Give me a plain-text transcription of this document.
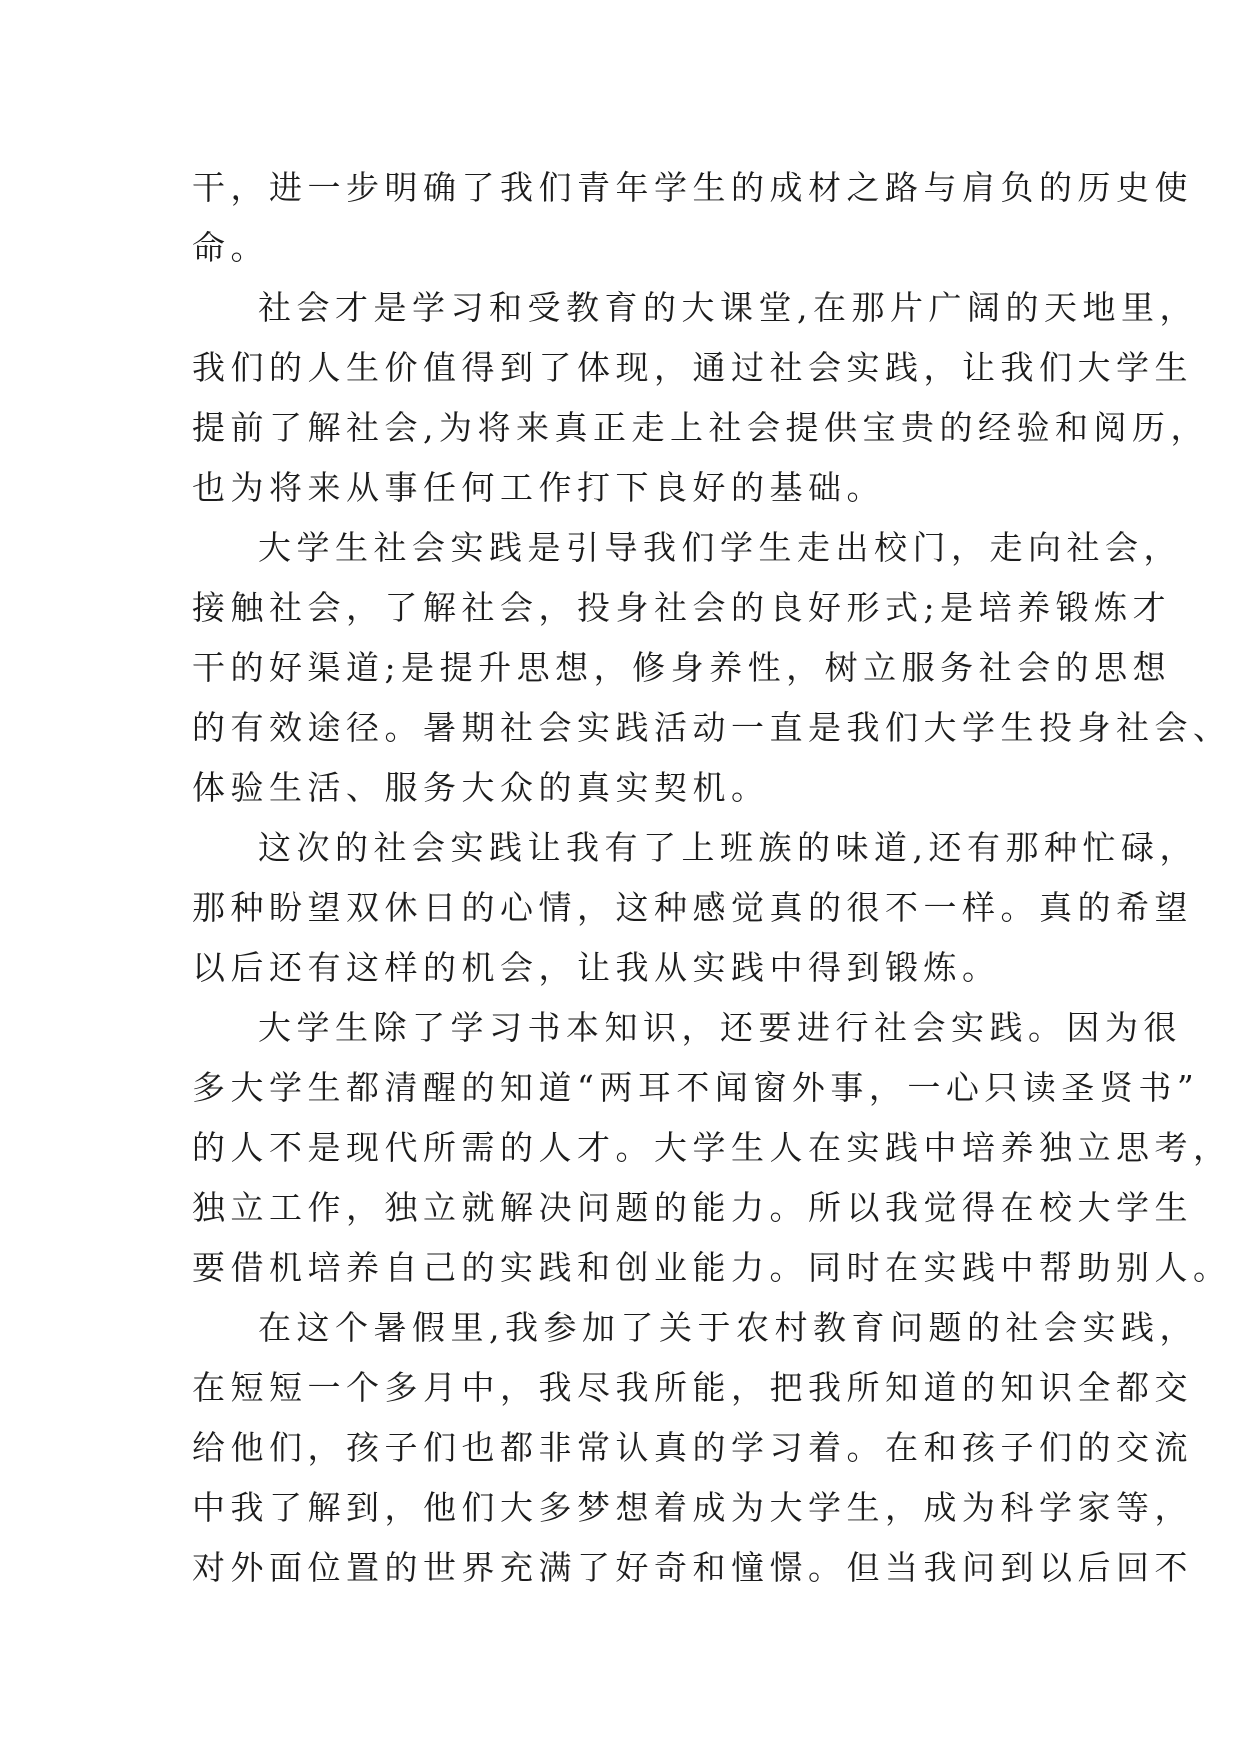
干，进一步明确了我们青年学生的成材之路与肩负的历史使
命。
社会才是学习和受教育的大课堂,在那片广阔的天地里，
我们的人生价值得到了体现，通过社会实践，让我们大学生
提前了解社会,为将来真正走上社会提供宝贵的经验和阅历，
也为将来从事任何工作打下良好的基础。
大学生社会实践是引导我们学生走出校门，走向社会，
接触社会，了解社会，投身社会的良好形式;是培养锻炼才
干的好渠道;是提升思想，修身养性，树立服务社会的思想
的有效途径。暑期社会实践活动一直是我们大学生投身社会、
体验生活、服务大众的真实契机。
这次的社会实践让我有了上班族的味道,还有那种忙碌，
那种盼望双休日的心情，这种感觉真的很不一样。真的希望
以后还有这样的机会，让我从实践中得到锻炼。
大学生除了学习书本知识，还要进行社会实践。因为很
多大学生都清醒的知道“两耳不闻窗外事，一心只读圣贤书”
的人不是现代所需的人才。大学生人在实践中培养独立思考，
独立工作，独立就解决问题的能力。所以我觉得在校大学生
要借机培养自己的实践和创业能力。同时在实践中帮助别人。
在这个暑假里,我参加了关于农村教育问题的社会实践，
在短短一个多月中，我尽我所能，把我所知道的知识全都交
给他们，孩子们也都非常认真的学习着。在和孩子们的交流
中我了解到，他们大多梦想着成为大学生，成为科学家等，
对外面位置的世界充满了好奇和憧憬。但当我问到以后回不
